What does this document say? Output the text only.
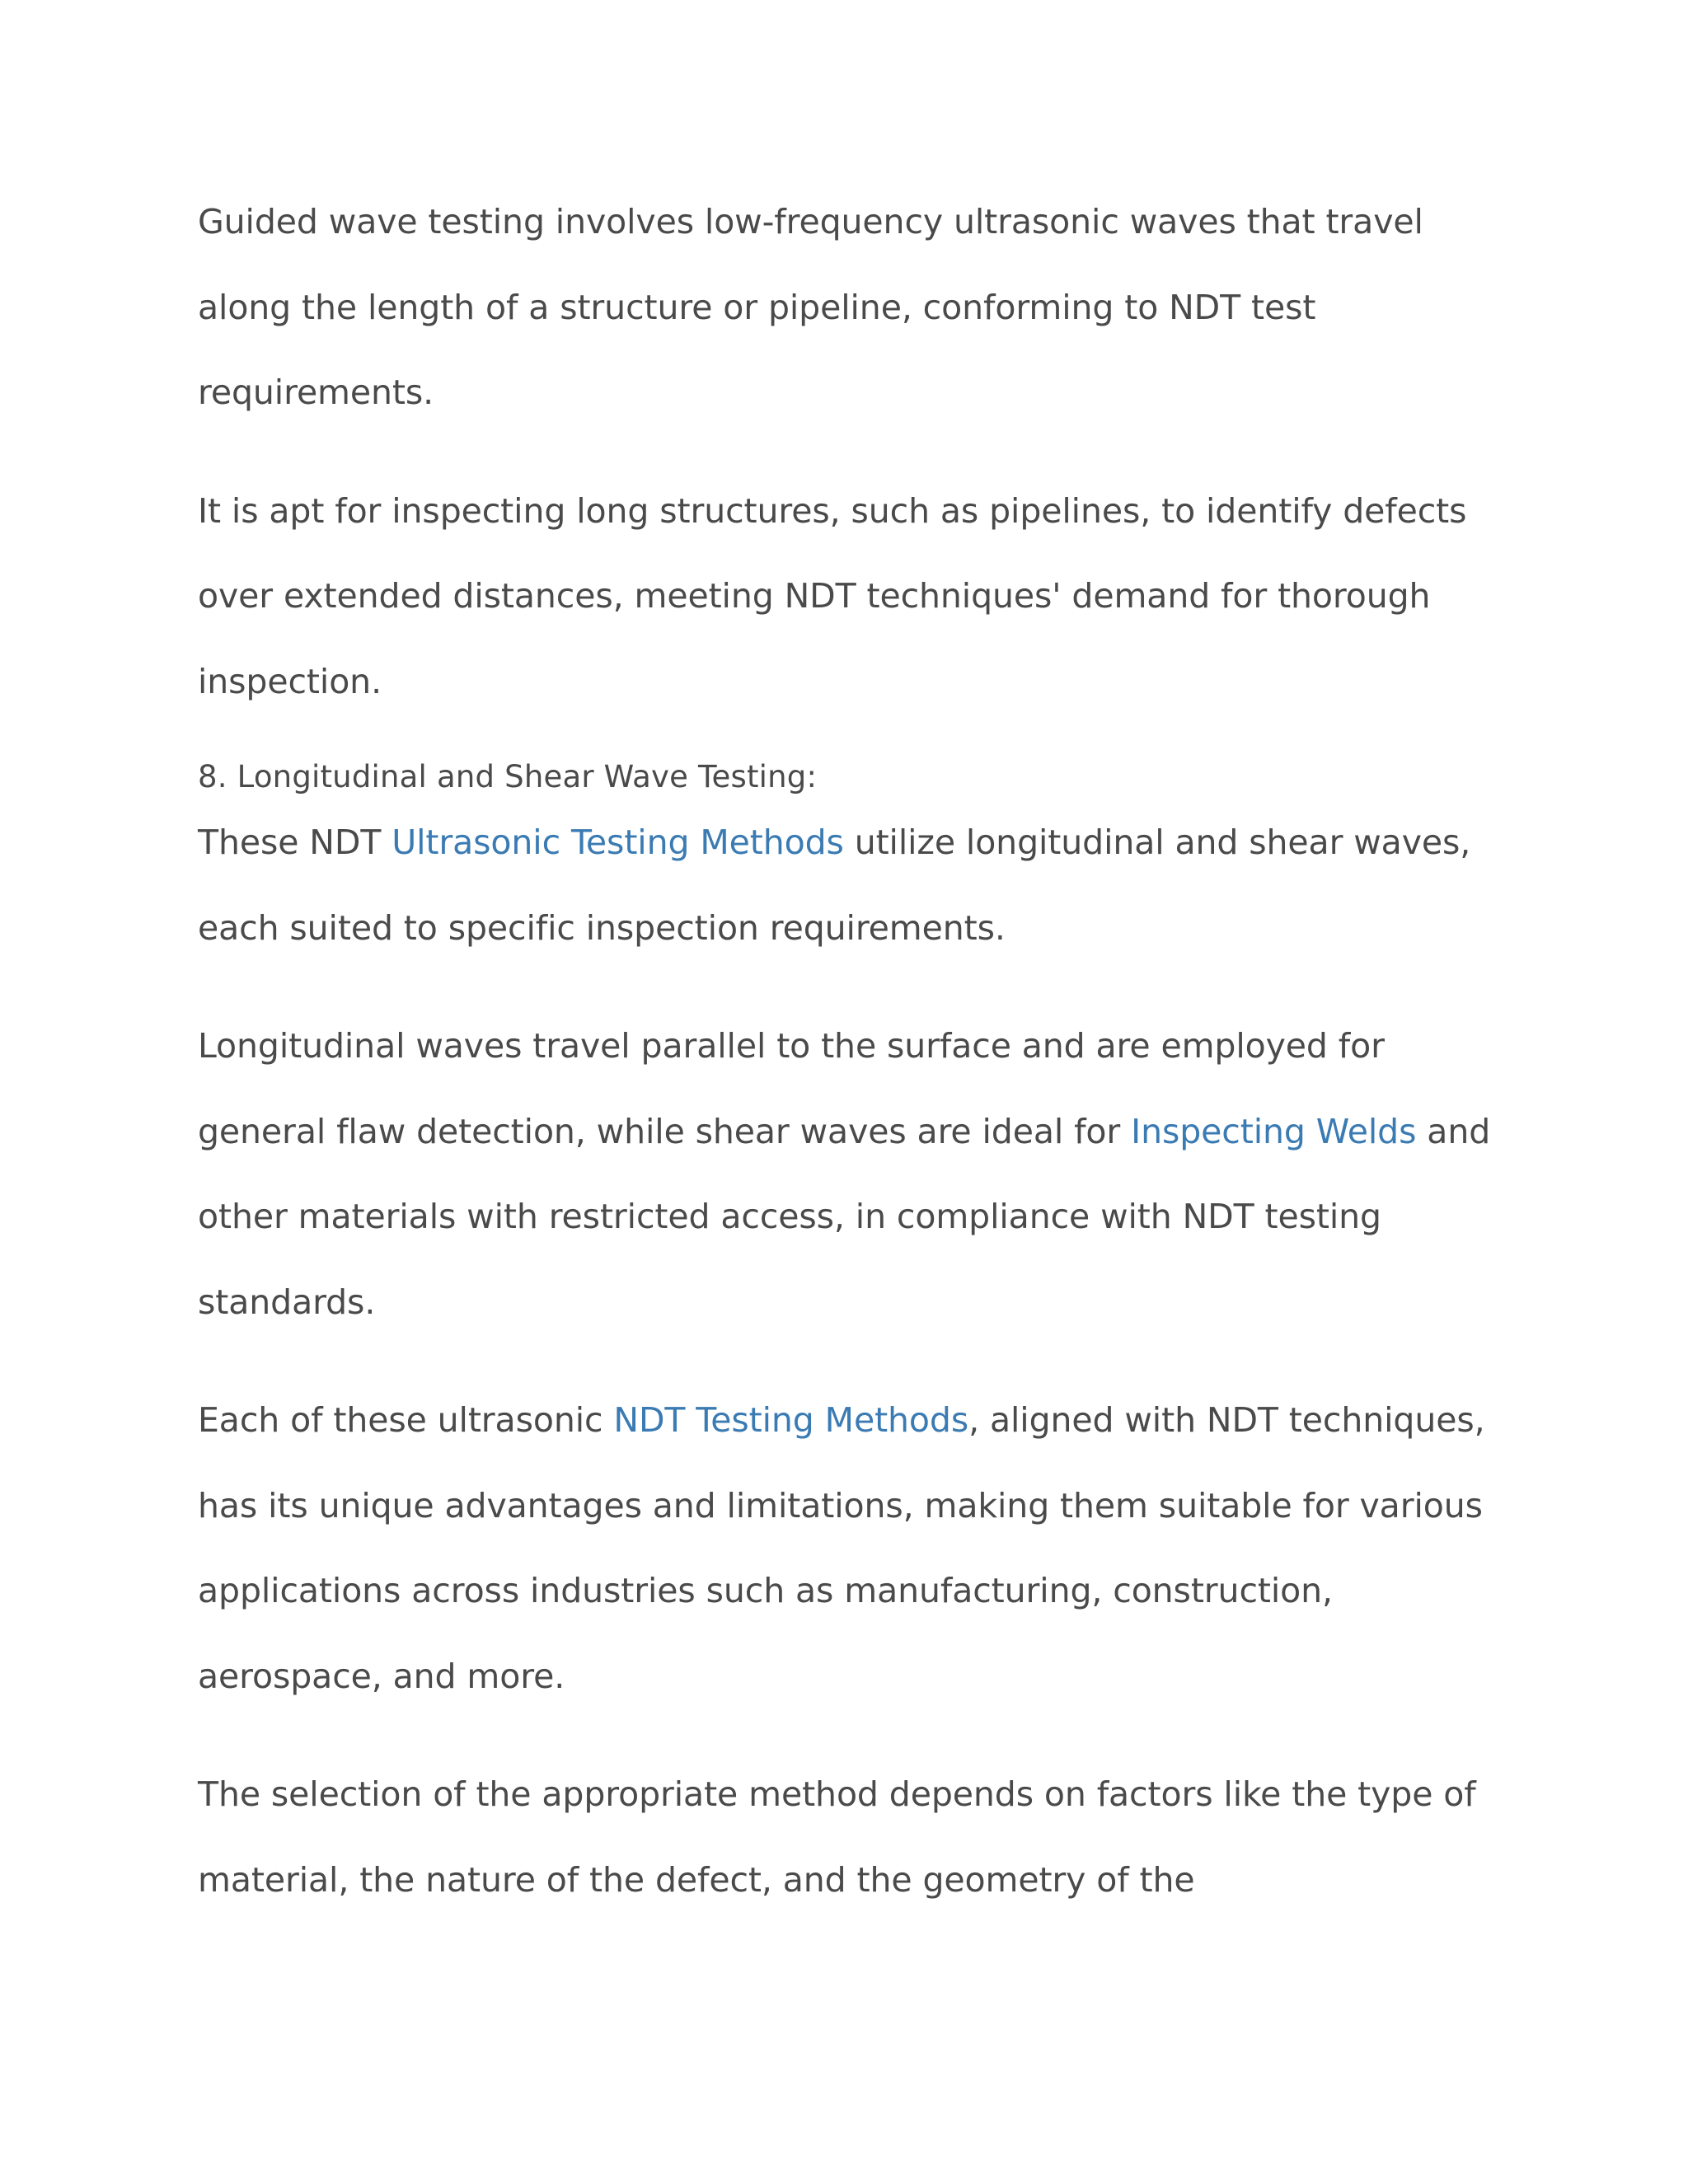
Guided wave testing involves low-frequency ultrasonic waves that travel along the length of a structure or pipeline, conforming to NDT test requirements.

It is apt for inspecting long structures, such as pipelines, to identify defects over extended distances, meeting NDT techniques' demand for thorough inspection.

8. Longitudinal and Shear Wave Testing:

These NDT Ultrasonic Testing Methods utilize longitudinal and shear waves, each suited to specific inspection requirements.

Longitudinal waves travel parallel to the surface and are employed for general flaw detection, while shear waves are ideal for Inspecting Welds and other materials with restricted access, in compliance with NDT testing standards.

Each of these ultrasonic NDT Testing Methods, aligned with NDT techniques, has its unique advantages and limitations, making them suitable for various applications across industries such as manufacturing, construction, aerospace, and more.

The selection of the appropriate method depends on factors like the type of material, the nature of the defect, and the geometry of the
